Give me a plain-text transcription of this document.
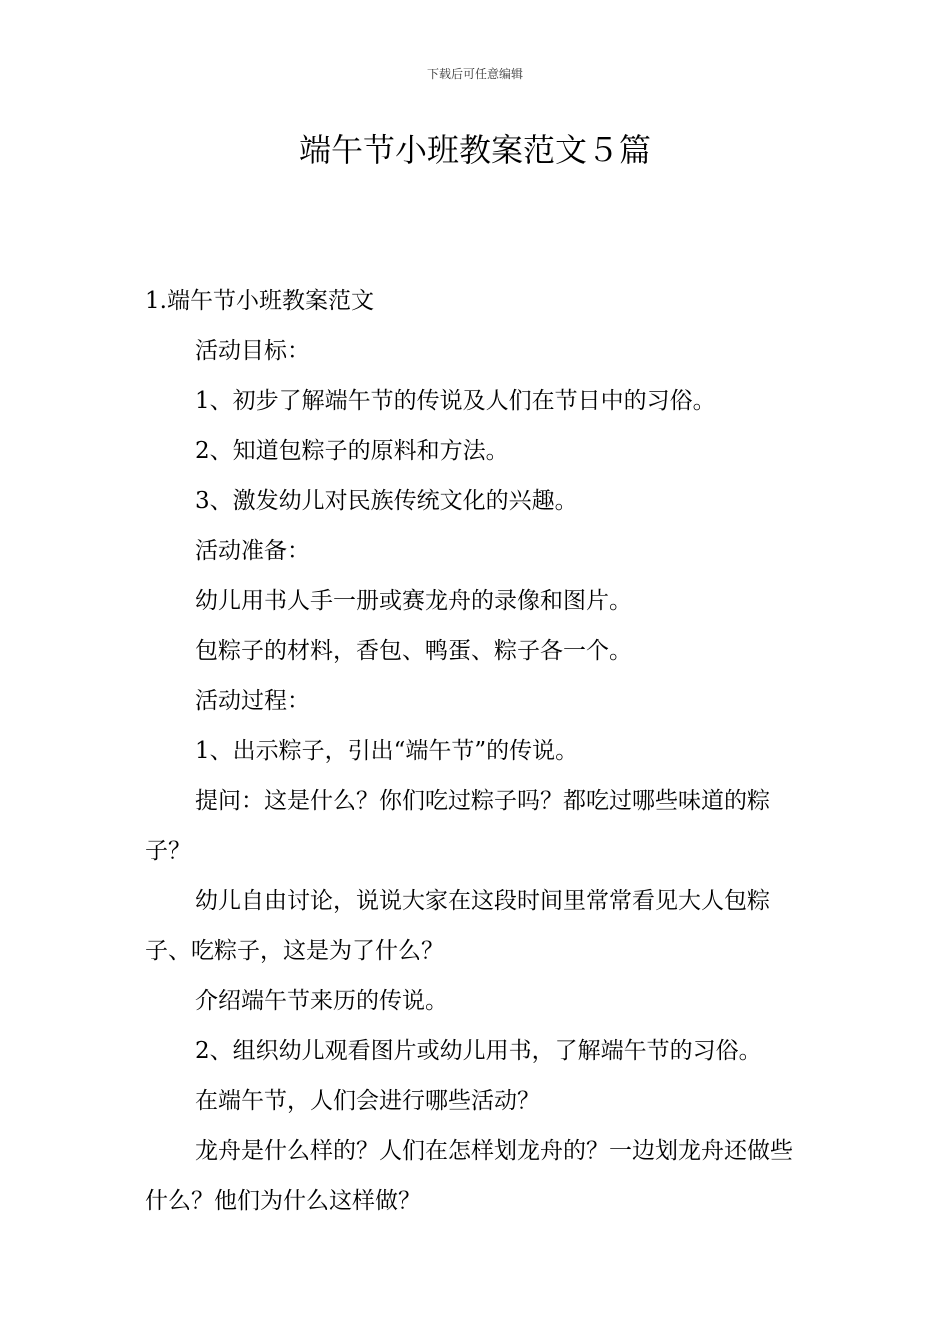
下载后可任意编辑
端午节小班教案范文５篇

1.端午节小班教案范文

活动目标：

1、初步了解端午节的传说及人们在节日中的习俗。

2、知道包粽子的原料和方法。

3、激发幼儿对民族传统文化的兴趣。

活动准备：

幼儿用书人手一册或赛龙舟的录像和图片。

包粽子的材料，香包、鸭蛋、粽子各一个。

活动过程：

1、出示粽子，引出“端午节”的传说。

提问：这是什么？你们吃过粽子吗？都吃过哪些味道的粽子？

幼儿自由讨论，说说大家在这段时间里常常看见大人包粽子、吃粽子，这是为了什么？

介绍端午节来历的传说。

2、组织幼儿观看图片或幼儿用书，了解端午节的习俗。

在端午节，人们会进行哪些活动？

龙舟是什么样的？人们在怎样划龙舟的？一边划龙舟还做些什么？他们为什么这样做？
